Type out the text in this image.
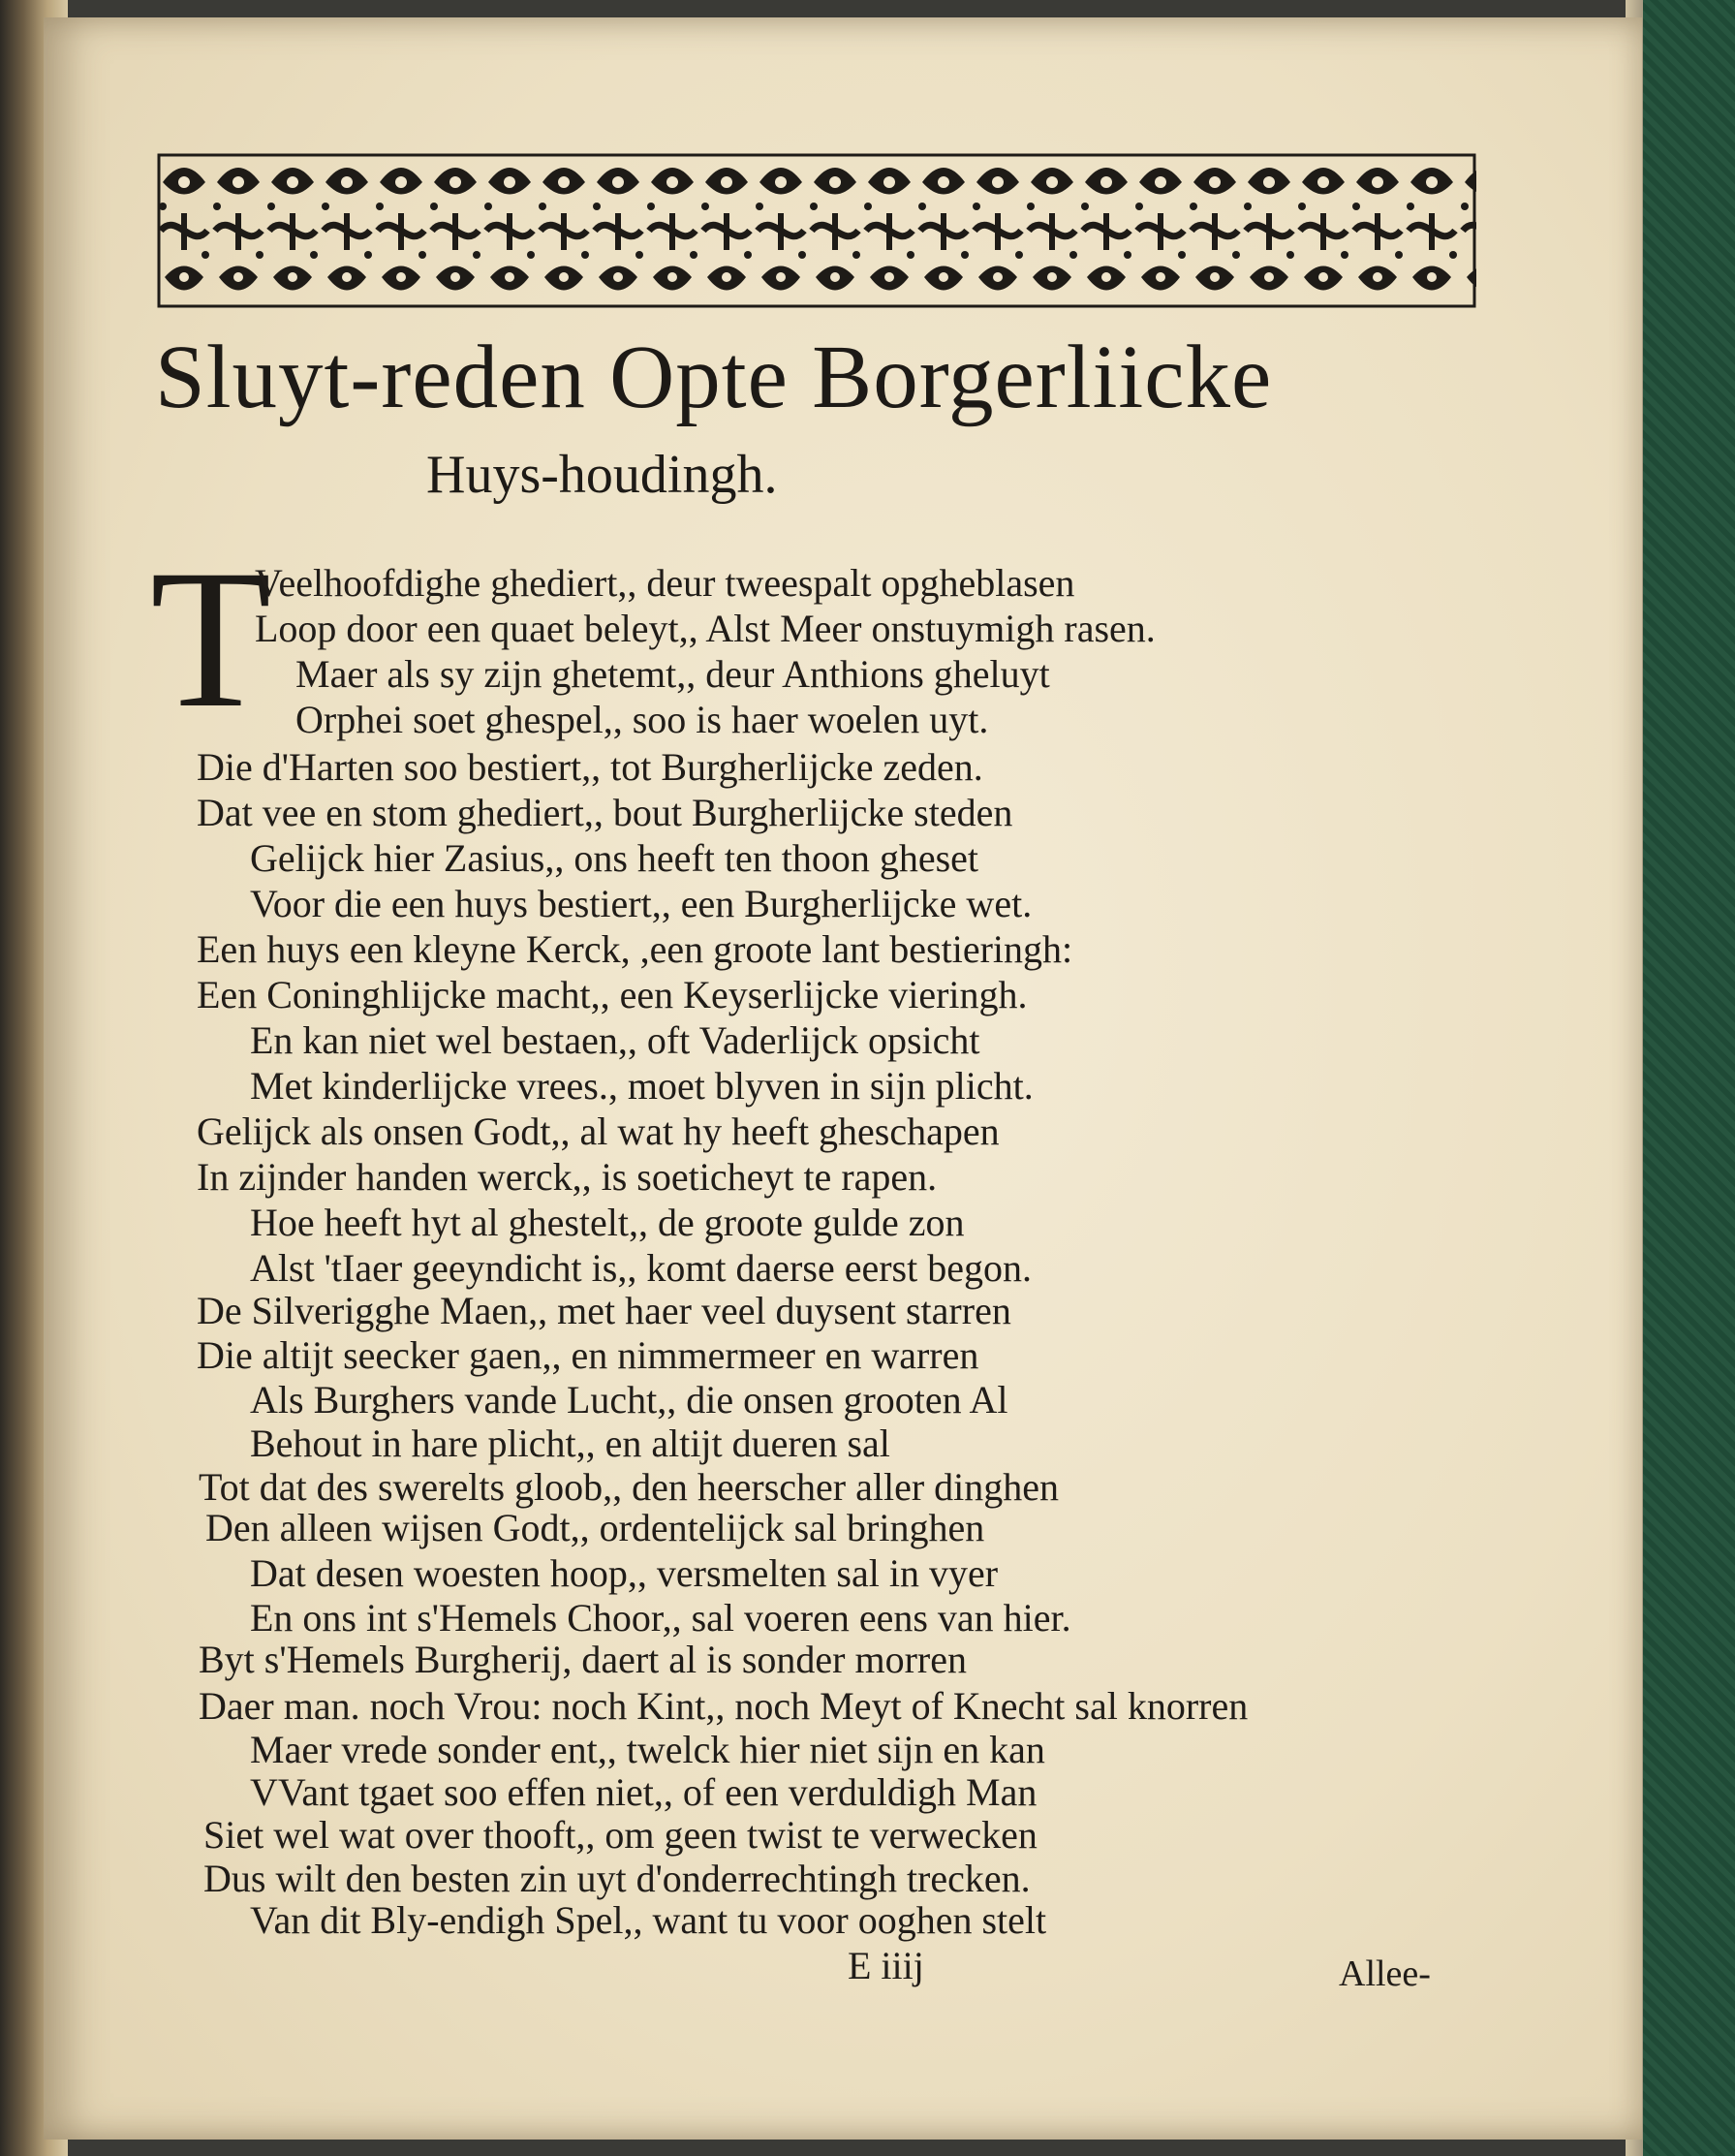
Sluyt-reden Opte Borgerliicke
Huys-houdingh.
T
Veelhoofdighe ghediert,, deur tweespalt opgheblasen
Loop door een quaet beleyt,, Alst Meer onstuymigh rasen.
Maer als sy zijn ghetemt,, deur Anthions gheluyt
Orphei soet ghespel,, soo is haer woelen uyt.
Die d'Harten soo bestiert,, tot Burgherlijcke zeden.
Dat vee en stom ghediert,, bout Burgherlijcke steden
Gelijck hier Zasius,, ons heeft ten thoon gheset
Voor die een huys bestiert,, een Burgherlijcke wet.
Een huys een kleyne Kerck, ,een groote lant bestieringh:
Een Coninghlijcke macht,, een Keyserlijcke vieringh.
En kan niet wel bestaen,, oft Vaderlijck opsicht
Met kinderlijcke vrees., moet blyven in sijn plicht.
Gelijck als onsen Godt,, al wat hy heeft gheschapen
In zijnder handen werck,, is soeticheyt te rapen.
Hoe heeft hyt al ghestelt,, de groote gulde zon
Alst 'tIaer geeyndicht is,, komt daerse eerst begon.
De Silverigghe Maen,, met haer veel duysent starren
Die altijt seecker gaen,, en nimmermeer en warren
Als Burghers vande Lucht,, die onsen grooten Al
Behout in hare plicht,, en altijt dueren sal
Tot dat des swerelts gloob,, den heerscher aller dinghen
Den alleen wijsen Godt,, ordentelijck sal bringhen
Dat desen woesten hoop,, versmelten sal in vyer
En ons int s'Hemels Choor,, sal voeren eens van hier.
Byt s'Hemels Burgherij, daert al is sonder morren
Daer man. noch Vrou: noch Kint,, noch Meyt of Knecht sal knorren
Maer vrede sonder ent,, twelck hier niet sijn en kan
VVant tgaet soo effen niet,, of een verduldigh Man
Siet wel wat over thooft,, om geen twist te verwecken
Dus wilt den besten zin uyt d'onderrechtingh trecken.
Van dit Bly-endigh Spel,, want tu voor ooghen stelt
E iiij	Allee-
